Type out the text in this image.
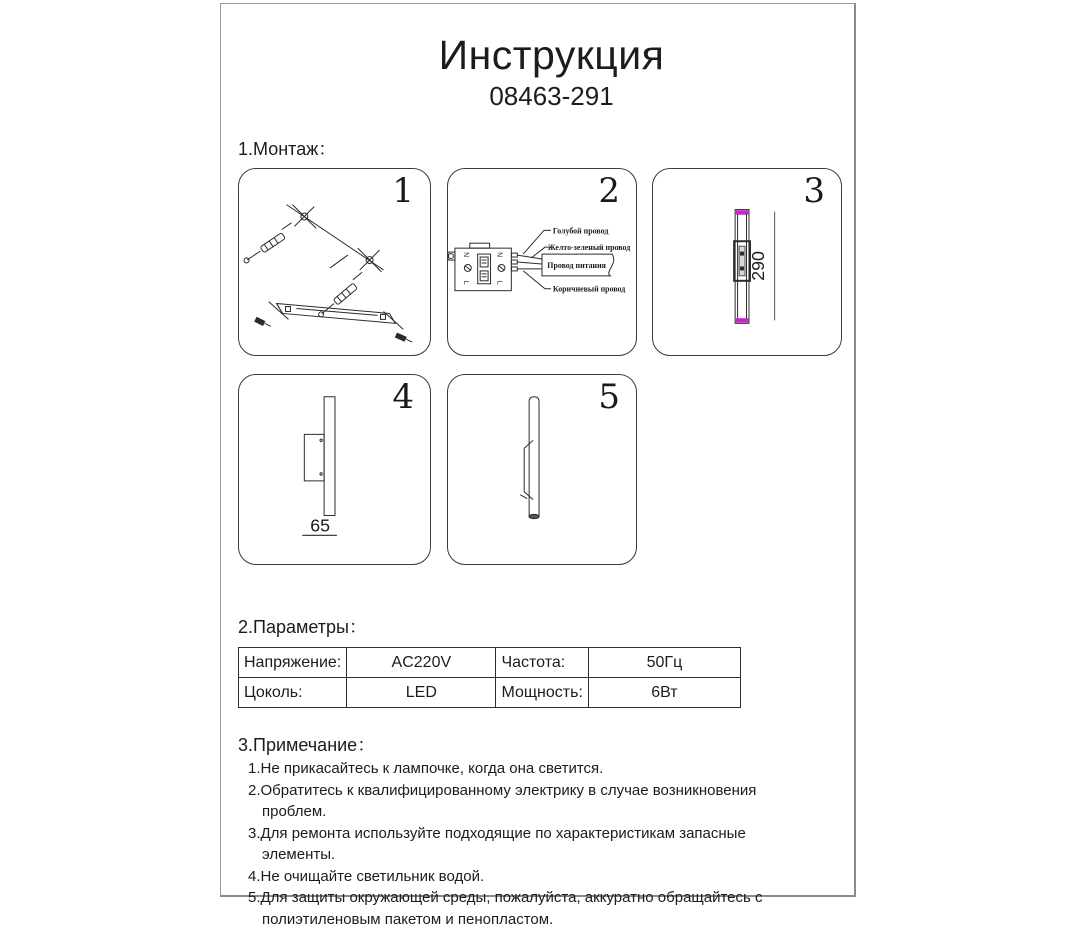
Инструкция
08463-291
1.Монтаж：
1	2
N
L
N
L
Голубой провод
Желто-зеленый провод
Провод питания
Коричневый провод
3
290
4
65
5
2.Параметры：
Напряжение:	AC220V	Частота:	50Гц
Цоколь:	LED	Мощность:	6Вт
3.Примечание：
1.Не прикасайтесь к лампочке, когда она светится.
2.Обратитесь к квалифицированному электрику в случае возникновения проблем.
3.Для ремонта используйте подходящие по характеристикам запасные элементы.
4.Не очищайте светильник водой.
5.Для защиты окружающей среды, пожалуйста, аккуратно обращайтесь с полиэтиленовым пакетом и пенопластом.
